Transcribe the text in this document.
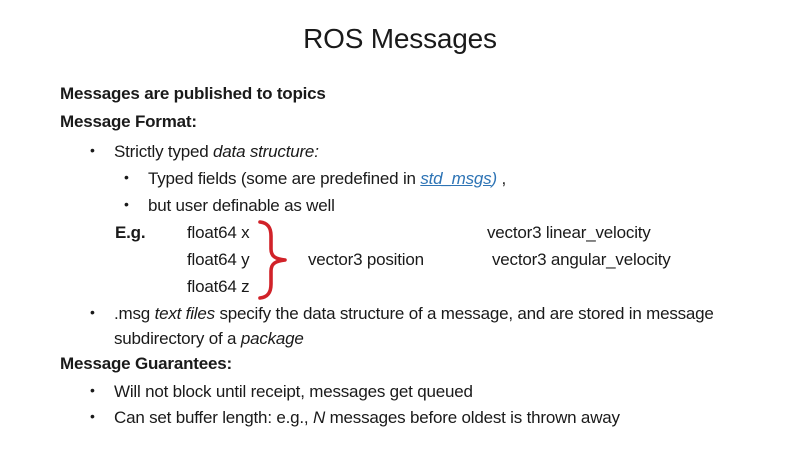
ROS Messages
Messages are published to topics
Message Format:
• Strictly typed data structure:
• Typed fields (some are predefined in std_msgs) ,
• but user definable as well
E.g. float64 x
float64 y
float64 z
vector3 position
vector3 linear_velocity
vector3 angular_velocity
• .msg text files specify the data structure of a message, and are stored in message
subdirectory of a package
Message Guarantees:
• Will not block until receipt, messages get queued
• Can set buffer length: e.g., N messages before oldest is thrown away
